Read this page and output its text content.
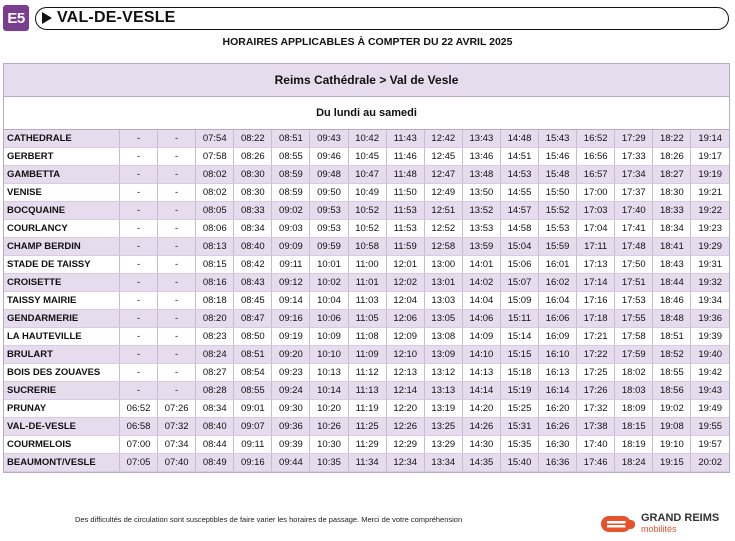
E5 VAL-DE-VESLE
HORAIRES APPLICABLES À COMPTER DU 22 AVRIL 2025
Reims Cathédrale > Val de Vesle
Du lundi au samedi
CATHEDRALE	-	-	07:54	08:22	08:51	09:43	10:42	11:43	12:42	13:43	14:48	15:43	16:52	17:29	18:22	19:14
GERBERT	-	-	07:58	08:26	08:55	09:46	10:45	11:46	12:45	13:46	14:51	15:46	16:56	17:33	18:26	19:17
GAMBETTA	-	-	08:02	08:30	08:59	09:48	10:47	11:48	12:47	13:48	14:53	15:48	16:57	17:34	18:27	19:19
VENISE	-	-	08:02	08:30	08:59	09:50	10:49	11:50	12:49	13:50	14:55	15:50	17:00	17:37	18:30	19:21
BOCQUAINE	-	-	08:05	08:33	09:02	09:53	10:52	11:53	12:51	13:52	14:57	15:52	17:03	17:40	18:33	19:22
COURLANCY	-	-	08:06	08:34	09:03	09:53	10:52	11:53	12:52	13:53	14:58	15:53	17:04	17:41	18:34	19:23
CHAMP BERDIN	-	-	08:13	08:40	09:09	09:59	10:58	11:59	12:58	13:59	15:04	15:59	17:11	17:48	18:41	19:29
STADE DE TAISSY	-	-	08:15	08:42	09:11	10:01	11:00	12:01	13:00	14:01	15:06	16:01	17:13	17:50	18:43	19:31
CROISETTE	-	-	08:16	08:43	09:12	10:02	11:01	12:02	13:01	14:02	15:07	16:02	17:14	17:51	18:44	19:32
TAISSY MAIRIE	-	-	08:18	08:45	09:14	10:04	11:03	12:04	13:03	14:04	15:09	16:04	17:16	17:53	18:46	19:34
GENDARMERIE	-	-	08:20	08:47	09:16	10:06	11:05	12:06	13:05	14:06	15:11	16:06	17:18	17:55	18:48	19:36
LA HAUTEVILLE	-	-	08:23	08:50	09:19	10:09	11:08	12:09	13:08	14:09	15:14	16:09	17:21	17:58	18:51	19:39
BRULART	-	-	08:24	08:51	09:20	10:10	11:09	12:10	13:09	14:10	15:15	16:10	17:22	17:59	18:52	19:40
BOIS DES ZOUAVES	-	-	08:27	08:54	09:23	10:13	11:12	12:13	13:12	14:13	15:18	16:13	17:25	18:02	18:55	19:42
SUCRERIE	-	-	08:28	08:55	09:24	10:14	11:13	12:14	13:13	14:14	15:19	16:14	17:26	18:03	18:56	19:43
PRUNAY	06:52	07:26	08:34	09:01	09:30	10:20	11:19	12:20	13:19	14:20	15:25	16:20	17:32	18:09	19:02	19:49
VAL-DE-VESLE	06:58	07:32	08:40	09:07	09:36	10:26	11:25	12:26	13:25	14:26	15:31	16:26	17:38	18:15	19:08	19:55
COURMELOIS	07:00	07:34	08:44	09:11	09:39	10:30	11:29	12:29	13:29	14:30	15:35	16:30	17:40	18:19	19:10	19:57
BEAUMONT/VESLE	07:05	07:40	08:49	09:16	09:44	10:35	11:34	12:34	13:34	14:35	15:40	16:36	17:46	18:24	19:15	20:02
Des difficultés de circulation sont susceptibles de faire varier les horaires de passage. Merci de votre compréhension	GRAND REIMS
mobilités
